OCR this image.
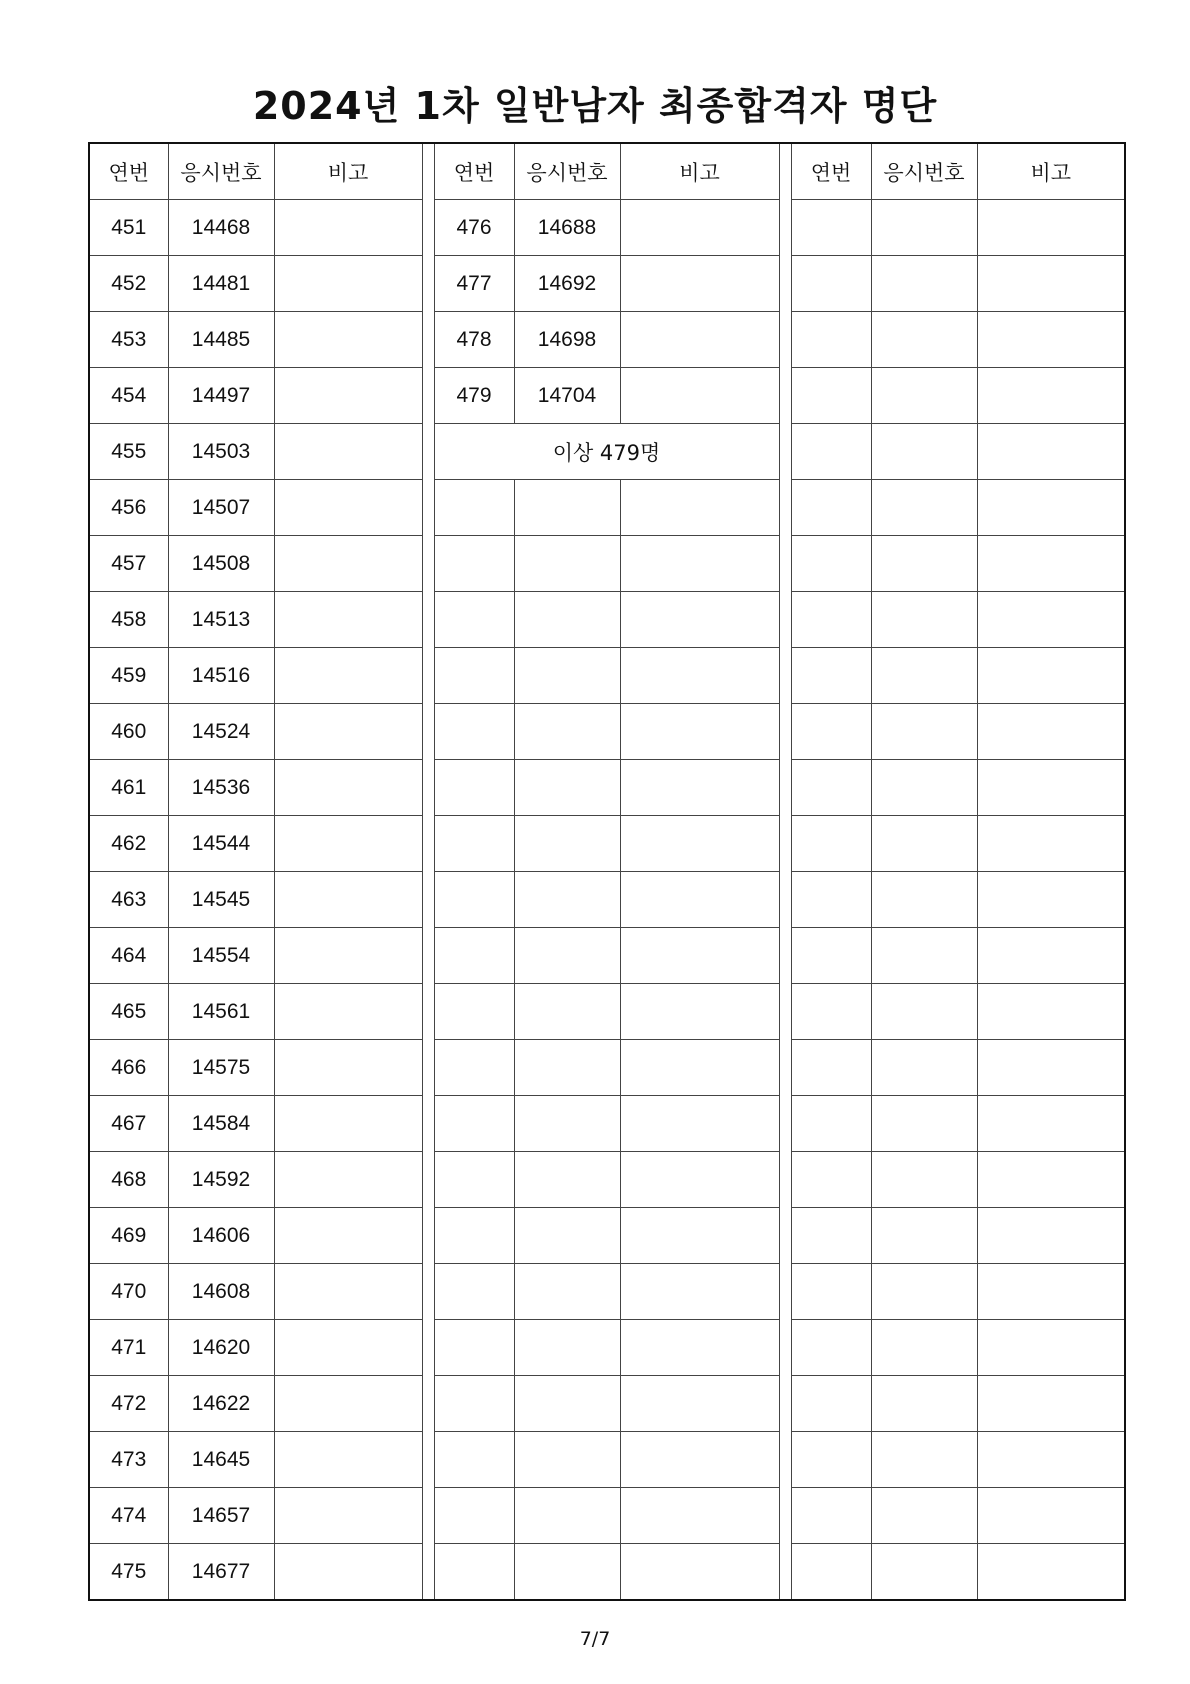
2024년 1차 일반남자 최종합격자 명단
연번	응시번호	비고		연번	응시번호	비고		연번	응시번호	비고
451	14468			476	14688					
452	14481			477	14692					
453	14485			478	14698					
454	14497			479	14704					
455	14503			이상 479명						
456	14507									
457	14508									
458	14513									
459	14516									
460	14524									
461	14536									
462	14544									
463	14545									
464	14554									
465	14561									
466	14575									
467	14584									
468	14592									
469	14606									
470	14608									
471	14620									
472	14622									
473	14645									
474	14657									
475	14677									
7/7
